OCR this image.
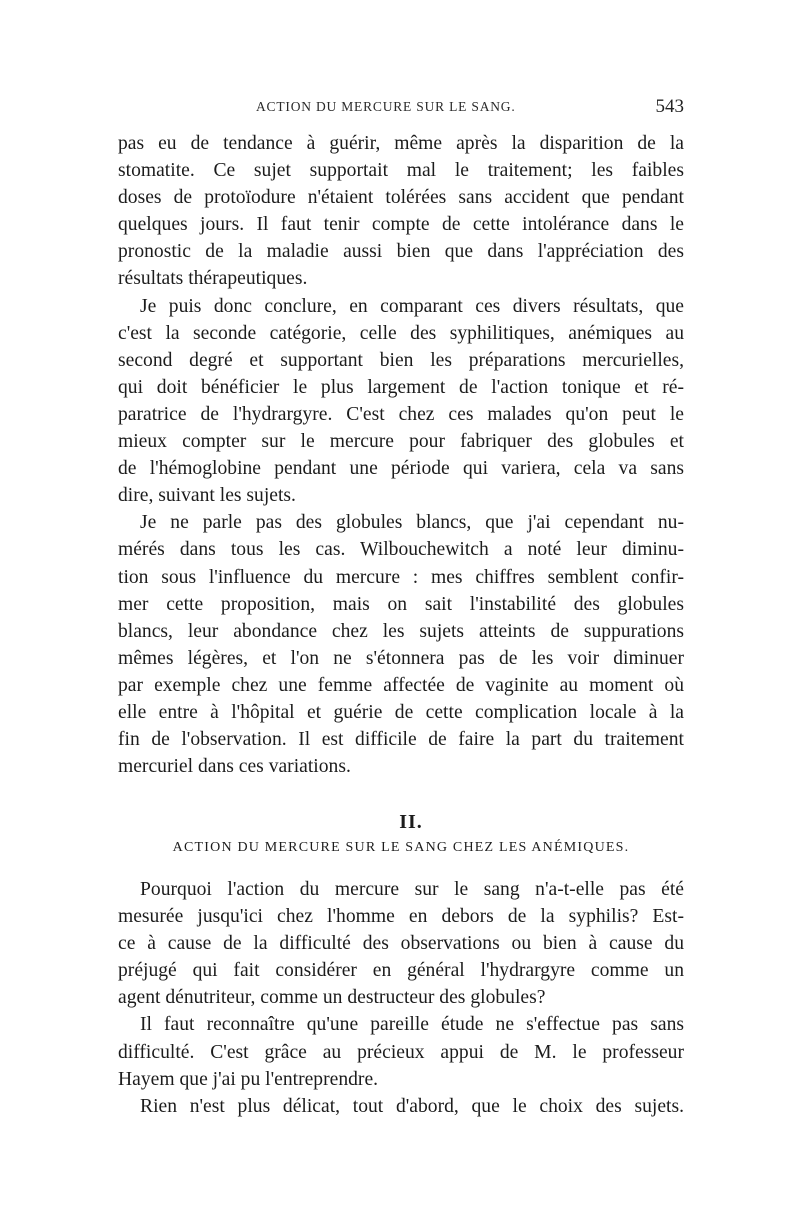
ACTION DU MERCURE SUR LE SANG.	543
pas eu de tendance à guérir, même après la disparition de la
stomatite. Ce sujet supportait mal le traitement; les faibles
doses de protoïodure n'étaient tolérées sans accident que pendant
quelques jours. Il faut tenir compte de cette intolérance dans le
pronostic de la maladie aussi bien que dans l'appréciation des
résultats thérapeutiques.
Je puis donc conclure, en comparant ces divers résultats, que
c'est la seconde catégorie, celle des syphilitiques, anémiques au
second degré et supportant bien les préparations mercurielles,
qui doit bénéficier le plus largement de l'action tonique et ré-
paratrice de l'hydrargyre. C'est chez ces malades qu'on peut le
mieux compter sur le mercure pour fabriquer des globules et
de l'hémoglobine pendant une période qui variera, cela va sans
dire, suivant les sujets.
Je ne parle pas des globules blancs, que j'ai cependant nu-
mérés dans tous les cas. Wilbouchewitch a noté leur diminu-
tion sous l'influence du mercure : mes chiffres semblent confir-
mer cette proposition, mais on sait l'instabilité des globules
blancs, leur abondance chez les sujets atteints de suppurations
mêmes légères, et l'on ne s'étonnera pas de les voir diminuer
par exemple chez une femme affectée de vaginite au moment où
elle entre à l'hôpital et guérie de cette complication locale à la
fin de l'observation. Il est difficile de faire la part du traitement
mercuriel dans ces variations.
II.
ACTION DU MERCURE SUR LE SANG CHEZ LES ANÉMIQUES.
Pourquoi l'action du mercure sur le sang n'a-t-elle pas été
mesurée jusqu'ici chez l'homme en debors de la syphilis? Est-
ce à cause de la difficulté des observations ou bien à cause du
préjugé qui fait considérer en général l'hydrargyre comme un
agent dénutriteur, comme un destructeur des globules?
Il faut reconnaître qu'une pareille étude ne s'effectue pas sans
difficulté. C'est grâce au précieux appui de M. le professeur
Hayem que j'ai pu l'entreprendre.
Rien n'est plus délicat, tout d'abord, que le choix des sujets.
